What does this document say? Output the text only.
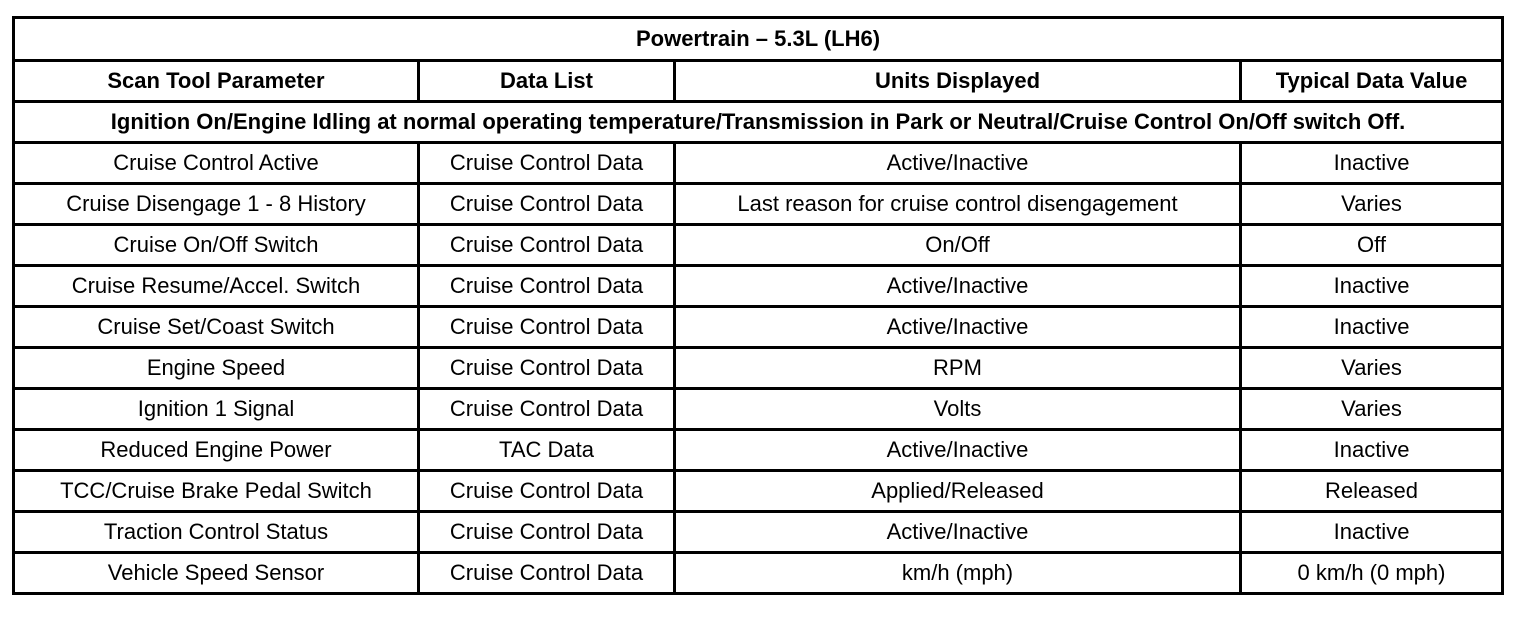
Powertrain – 5.3L (LH6)			
Scan Tool Parameter	Data List	Units Displayed	Typical Data Value
Ignition On/Engine Idling at normal operating temperature/Transmission in Park or Neutral/Cruise Control On/Off switch Off.			
Cruise Control Active	Cruise Control Data	Active/Inactive	Inactive
Cruise Disengage 1 - 8 History	Cruise Control Data	Last reason for cruise control disengagement	Varies
Cruise On/Off Switch	Cruise Control Data	On/Off	Off
Cruise Resume/Accel. Switch	Cruise Control Data	Active/Inactive	Inactive
Cruise Set/Coast Switch	Cruise Control Data	Active/Inactive	Inactive
Engine Speed	Cruise Control Data	RPM	Varies
Ignition 1 Signal	Cruise Control Data	Volts	Varies
Reduced Engine Power	TAC Data	Active/Inactive	Inactive
TCC/Cruise Brake Pedal Switch	Cruise Control Data	Applied/Released	Released
Traction Control Status	Cruise Control Data	Active/Inactive	Inactive
Vehicle Speed Sensor	Cruise Control Data	km/h (mph)	0 km/h (0 mph)
